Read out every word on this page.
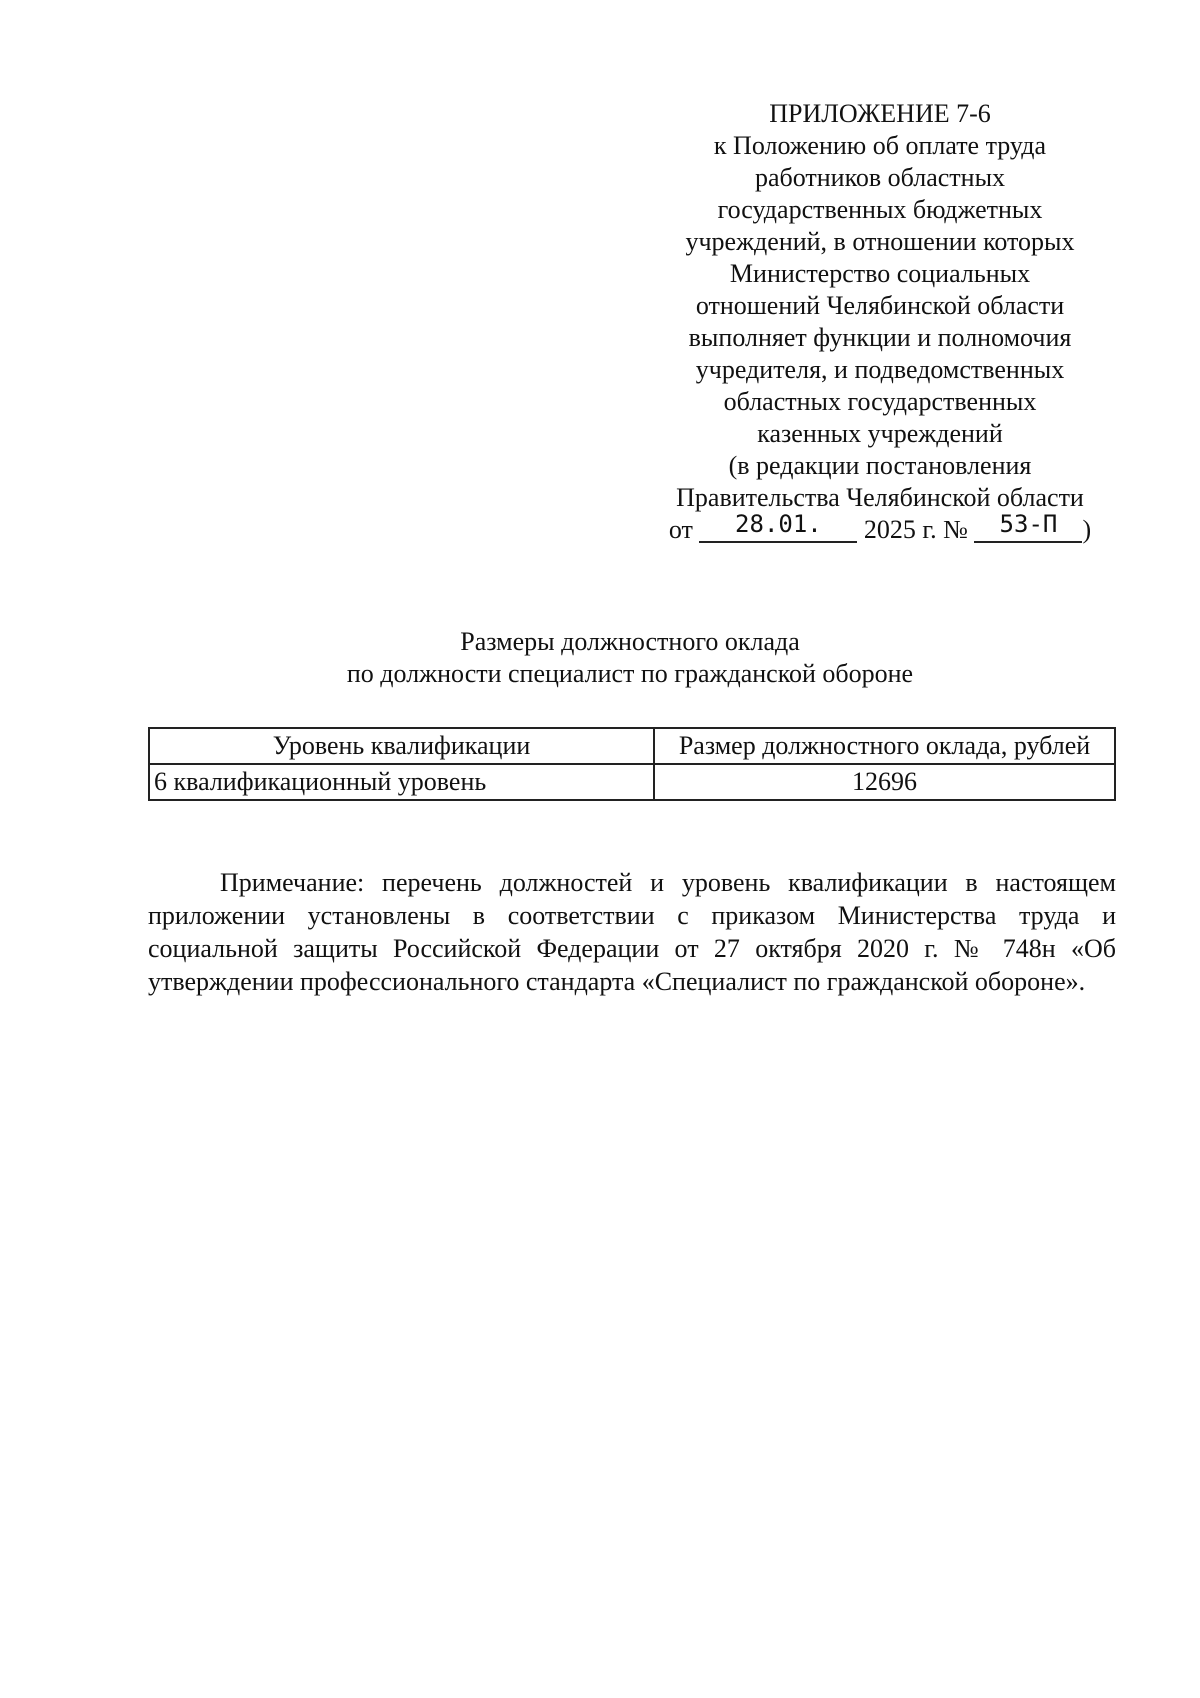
ПРИЛОЖЕНИЕ 7-6
к Положению об оплате труда
работников областных
государственных бюджетных
учреждений, в отношении которых
Министерство социальных
отношений Челябинской области
выполняет функции и полномочия
учредителя, и подведомственных
областных государственных
казенных учреждений
(в редакции постановления
Правительства Челябинской области
от 28.01. 2025 г. № 53-П )
Размеры должностного оклада
по должности специалист по гражданской обороне
Уровень квалификации	Размер должностного оклада, рублей
6 квалификационный уровень	12696

Примечание: перечень должностей и уровень квалификации в настоящем приложении установлены в соответствии с приказом Министерства труда и социальной защиты Российской Федерации от 27 октября 2020 г. № 748н «Об утверждении профессионального стандарта «Специалист по гражданской обороне».
